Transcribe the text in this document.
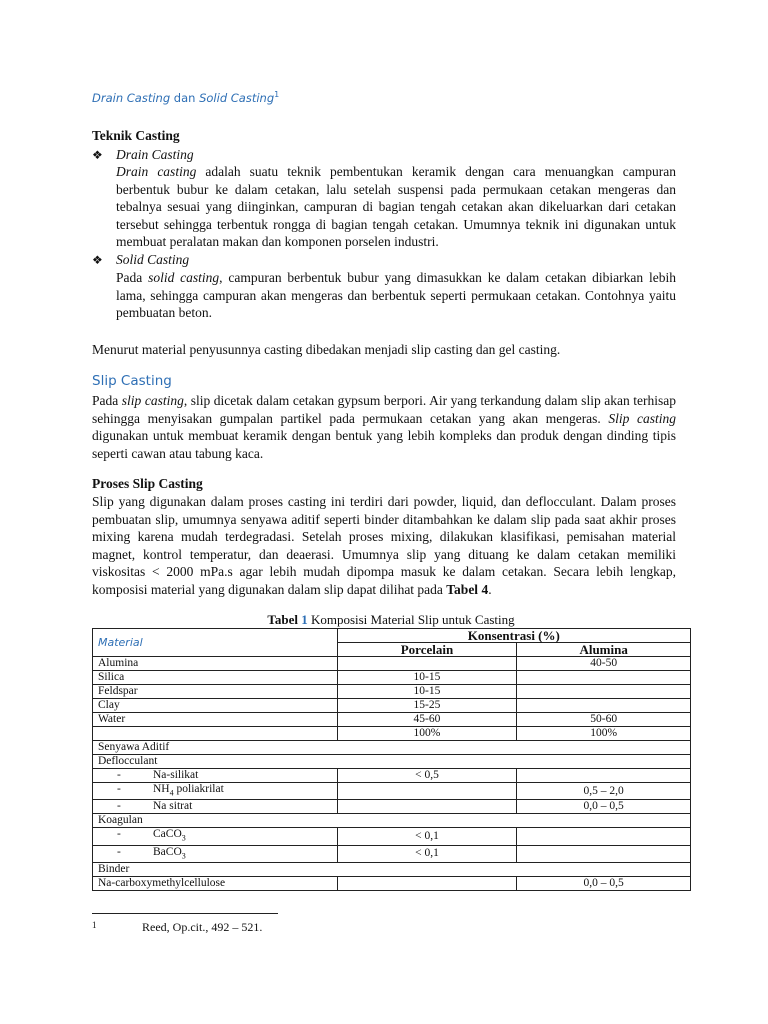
Drain Casting dan Solid Casting$^1$
Teknik Casting
❖ Drain Casting
Drain casting adalah suatu teknik pembentukan keramik dengan cara menuangkan campuran berbentuk bubur ke dalam cetakan, lalu setelah suspensi pada permukaan cetakan mengeras dan tebalnya sesuai yang diinginkan, campuran di bagian tengah cetakan akan dikeluarkan dari cetakan tersebut sehingga terbentuk rongga di bagian tengah cetakan. Umumnya teknik ini digunakan untuk membuat peralatan makan dan komponen porselen industri.
❖ Solid Casting
Pada solid casting, campuran berbentuk bubur yang dimasukkan ke dalam cetakan dibiarkan lebih lama, sehingga campuran akan mengeras dan berbentuk seperti permukaan cetakan. Contohnya yaitu pembuatan beton.
Menurut material penyusunnya casting dibedakan menjadi slip casting dan gel casting.
Slip Casting
Pada slip casting, slip dicetak dalam cetakan gypsum berpori. Air yang terkandung dalam slip akan terhisap sehingga menyisakan gumpalan partikel pada permukaan cetakan yang akan mengeras. Slip casting digunakan untuk membuat keramik dengan bentuk yang lebih kompleks dan produk dengan dinding tipis seperti cawan atau tabung kaca.
Proses Slip Casting
Slip yang digunakan dalam proses casting ini terdiri dari powder, liquid, dan deflocculant. Dalam proses pembuatan slip, umumnya senyawa aditif seperti binder ditambahkan ke dalam slip pada saat akhir proses mixing karena mudah terdegradasi. Setelah proses mixing, dilakukan klasifikasi, pemisahan material magnet, kontrol temperatur, dan deaerasi. Umumnya slip yang dituang ke dalam cetakan memiliki viskositas < 2000 mPa.s agar lebih mudah dipompa masuk ke dalam cetakan. Secara lebih lengkap, komposisi material yang digunakan dalam slip dapat dilihat pada Tabel 4.
Tabel 1 Komposisi Material Slip untuk Casting
Material	Konsentrasi (%)	
	Porcelain	Alumina
Alumina		40-50
Silica	10-15	
Feldspar	10-15	
Clay	15-25	
Water	45-60	50-60
	100%	100%
Senyawa Aditif		
Deflocculant		
- Na-silikat	< 0,5	
- $NH_4$ poliakrilat		0,5 – 2,0
- Na sitrat		0,0 – 0,5
Koagulan		
- CaCO$_3$	< 0,1	
- BaCO$_3$	< 0,1	
Binder		
Na-carboxymethylcellulose		0,0 – 0,5
1	Reed, Op.cit., 492 – 521.
